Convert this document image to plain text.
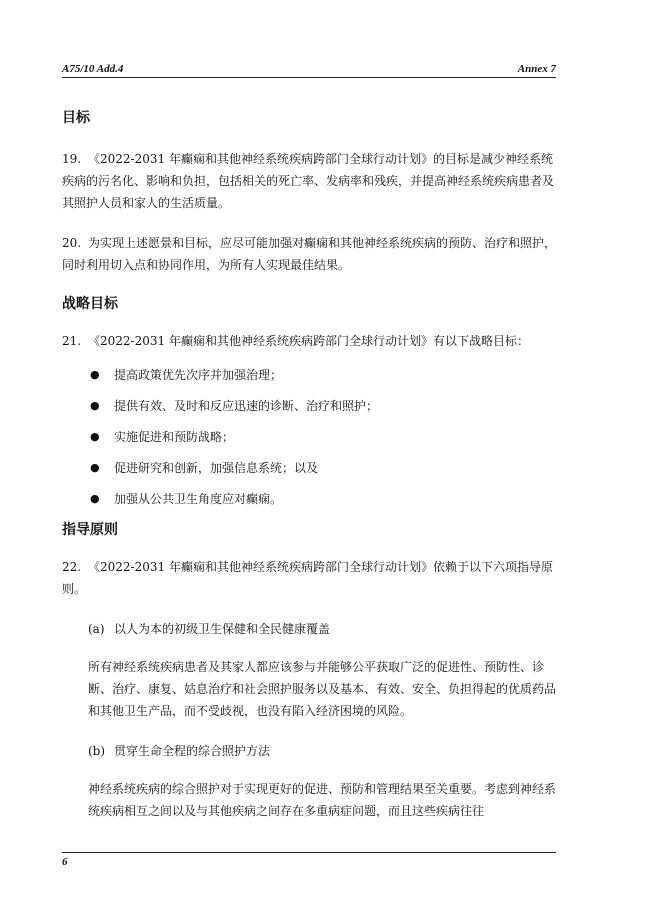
A75/10 Add.4	Annex 7
目标

19. 《2022-2031 年癫痫和其他神经系统疾病跨部门全球行动计划》的目标是减少神经系统疾病的污名化、影响和负担，包括相关的死亡率、发病率和残疾，并提高神经系统疾病患者及其照护人员和家人的生活质量。

20. 为实现上述愿景和目标，应尽可能加强对癫痫和其他神经系统疾病的预防、治疗和照护，同时利用切入点和协同作用，为所有人实现最佳结果。

战略目标

21. 《2022-2031 年癫痫和其他神经系统疾病跨部门全球行动计划》有以下战略目标：

● 提高政策优先次序并加强治理；
● 提供有效、及时和反应迅速的诊断、治疗和照护；
● 实施促进和预防战略；
● 促进研究和创新，加强信息系统；以及
● 加强从公共卫生角度应对癫痫。
指导原则

22. 《2022-2031 年癫痫和其他神经系统疾病跨部门全球行动计划》依赖于以下六项指导原则。

(a) 以人为本的初级卫生保健和全民健康覆盖

所有神经系统疾病患者及其家人都应该参与并能够公平获取广泛的促进性、预防性、诊断、治疗、康复、姑息治疗和社会照护服务以及基本、有效、安全、负担得起的优质药品和其他卫生产品，而不受歧视，也没有陷入经济困境的风险。

(b) 贯穿生命全程的综合照护方法

神经系统疾病的综合照护对于实现更好的促进、预防和管理结果至关重要。考虑到神经系统疾病相互之间以及与其他疾病之间存在多重病症问题，而且这些疾病往往

6
